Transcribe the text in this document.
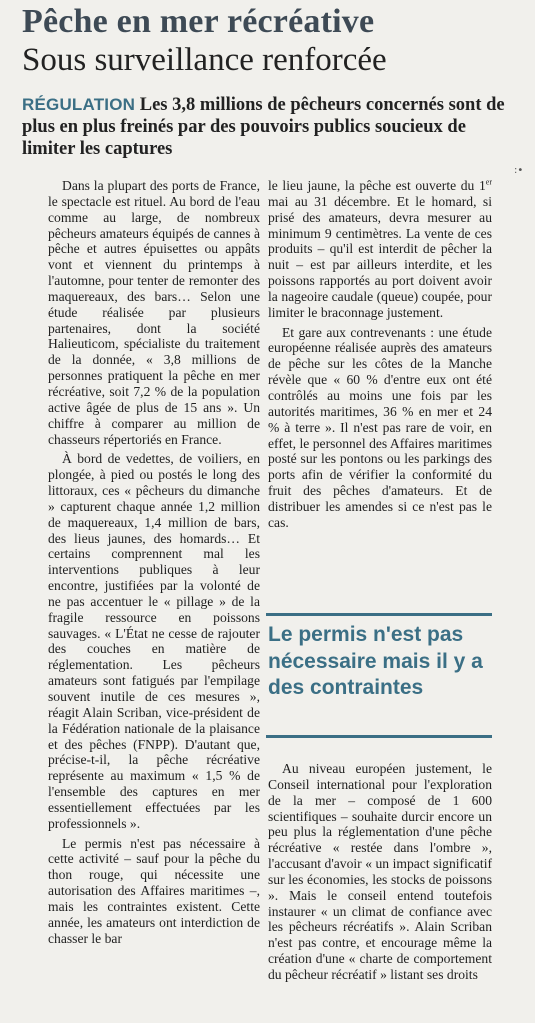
Pêche en mer récréative
Sous surveillance renforcée
RÉGULATION Les 3,8 millions de pêcheurs concernés sont de plus en plus freinés par des pouvoirs publics soucieux de limiter les captures
:•

Dans la plupart des ports de France, le spectacle est rituel. Au bord de l'eau comme au large, de nombreux pêcheurs amateurs équipés de cannes à pêche et autres épuisettes ou appâts vont et viennent du printemps à l'automne, pour tenter de remonter des maquereaux, des bars… Selon une étude réalisée par plusieurs partenaires, dont la société Halieuticom, spécialiste du traitement de la donnée, « 3,8 millions de personnes pratiquent la pêche en mer récréative, soit 7,2 % de la population active âgée de plus de 15 ans ». Un chiffre à comparer au million de chasseurs répertoriés en France.

À bord de vedettes, de voiliers, en plongée, à pied ou postés le long des littoraux, ces « pêcheurs du dimanche » capturent chaque année 1,2 million de maquereaux, 1,4 million de bars, des lieus jaunes, des homards… Et certains comprennent mal les interventions publiques à leur encontre, justifiées par la volonté de ne pas accentuer le « pillage » de la fragile ressource en poissons sauvages. « L'État ne cesse de rajouter des couches en matière de réglementation. Les pêcheurs amateurs sont fatigués par l'empilage souvent inutile de ces mesures », réagit Alain Scriban, vice-président de la Fédération nationale de la plaisance et des pêches (FNPP). D'autant que, précise-t-il, la pêche récréative représente au maximum « 1,5 % de l'ensemble des captures en mer essentiellement effectuées par les professionnels ».

Le permis n'est pas nécessaire à cette activité – sauf pour la pêche du thon rouge, qui nécessite une autorisation des Affaires maritimes –, mais les contraintes existent. Cette année, les amateurs ont interdiction de chasser le bar

le lieu jaune, la pêche est ouverte du 1er mai au 31 décembre. Et le homard, si prisé des amateurs, devra mesurer au minimum 9 centimètres. La vente de ces produits – qu'il est interdit de pêcher la nuit – est par ailleurs interdite, et les poissons rapportés au port doivent avoir la nageoire caudale (queue) coupée, pour limiter le braconnage justement.

Et gare aux contrevenants : une étude européenne réalisée auprès des amateurs de pêche sur les côtes de la Manche révèle que « 60 % d'entre eux ont été contrôlés au moins une fois par les autorités maritimes, 36 % en mer et 24 % à terre ». Il n'est pas rare de voir, en effet, le personnel des Affaires maritimes posté sur les pontons ou les parkings des ports afin de vérifier la conformité du fruit des pêches d'amateurs. Et de distribuer les amendes si ce n'est pas le cas.

Le permis n'est pas nécessaire mais il y a des contraintes

Au niveau européen justement, le Conseil international pour l'exploration de la mer – composé de 1 600 scientifiques – souhaite durcir encore un peu plus la réglementation d'une pêche récréative « restée dans l'ombre », l'accusant d'avoir « un impact significatif sur les économies, les stocks de poissons ». Mais le conseil entend toutefois instaurer « un climat de confiance avec les pêcheurs récréatifs ». Alain Scriban n'est pas contre, et encourage même la création d'une « charte de comportement du pêcheur récréatif » listant ses droits
